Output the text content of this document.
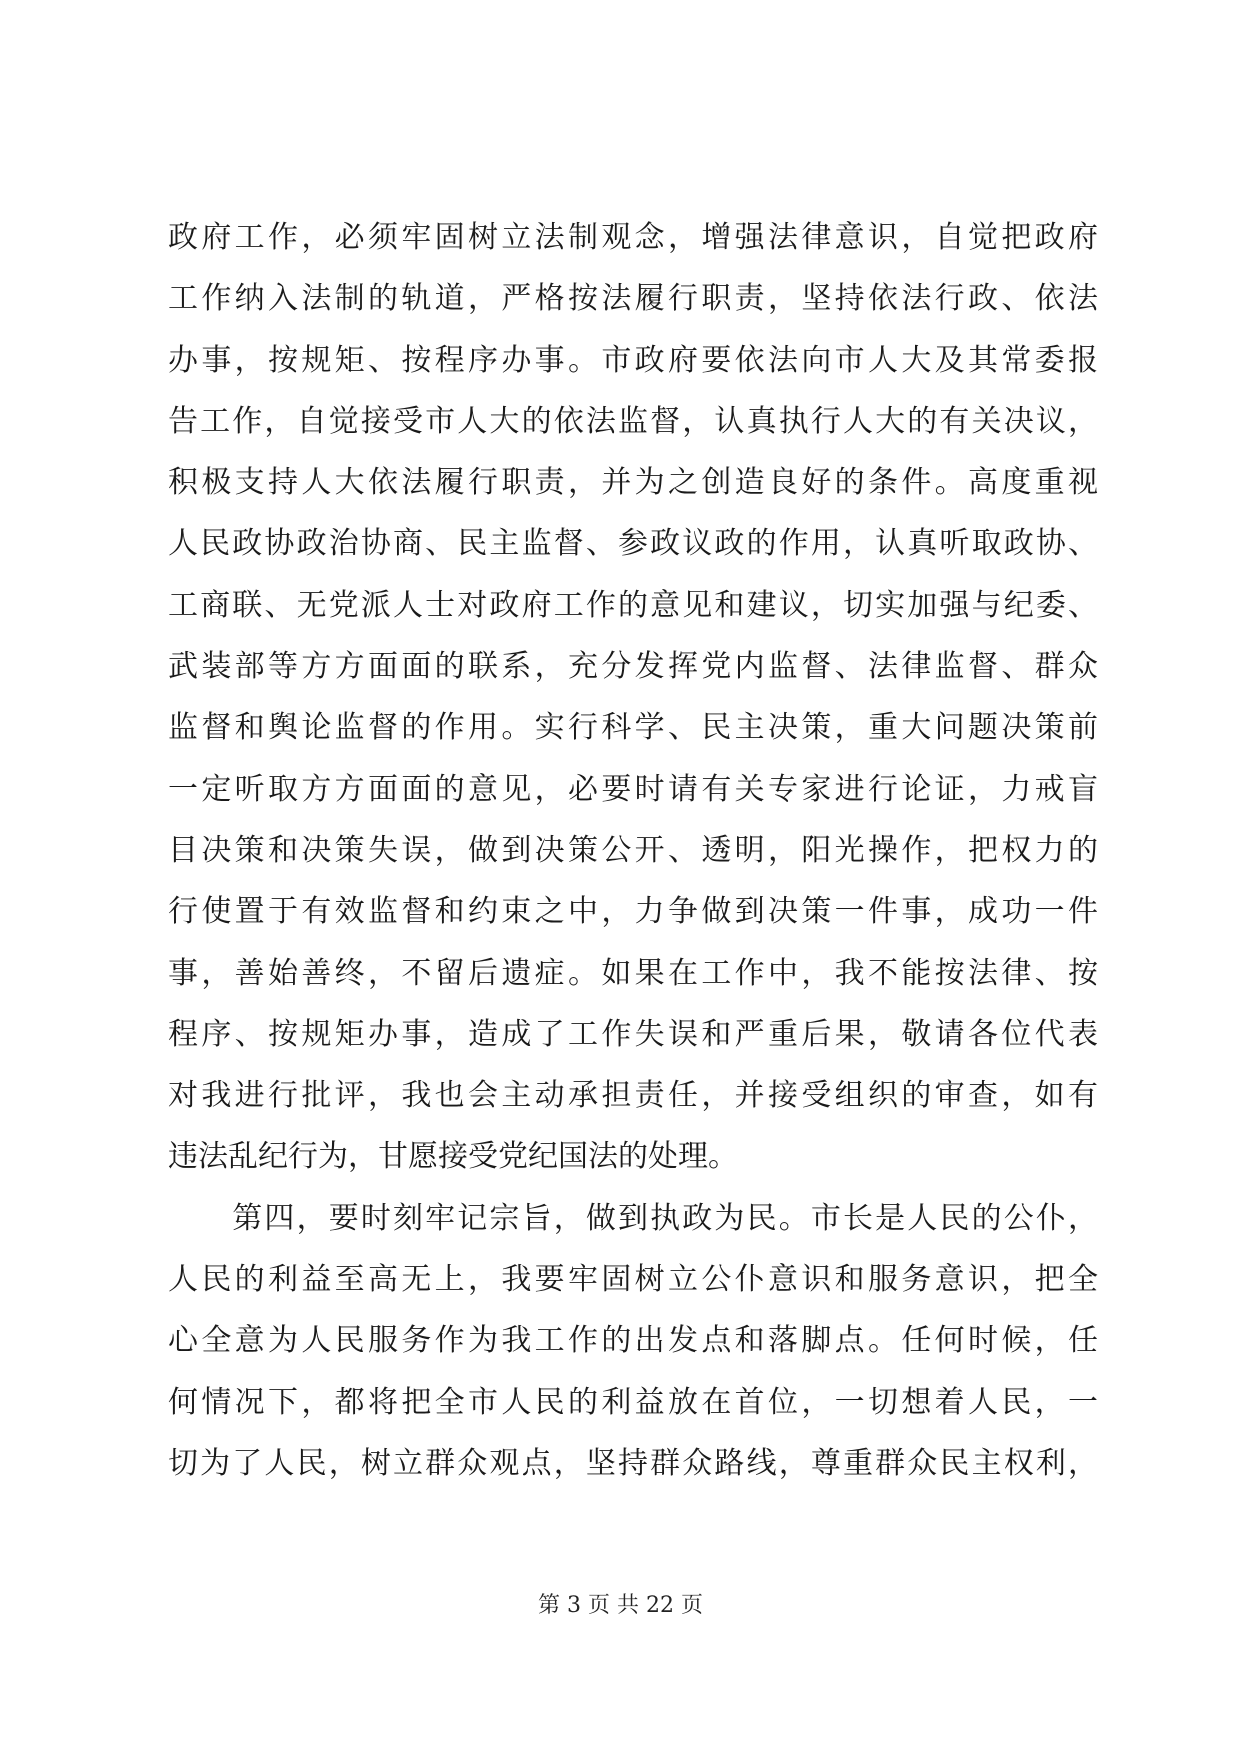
政府工作，必须牢固树立法制观念，增强法律意识，自觉把政府
工作纳入法制的轨道，严格按法履行职责，坚持依法行政、依法
办事，按规矩、按程序办事。市政府要依法向市人大及其常委报
告工作，自觉接受市人大的依法监督，认真执行人大的有关决议，
积极支持人大依法履行职责，并为之创造良好的条件。高度重视
人民政协政治协商、民主监督、参政议政的作用，认真听取政协、
工商联、无党派人士对政府工作的意见和建议，切实加强与纪委、
武装部等方方面面的联系，充分发挥党内监督、法律监督、群众
监督和舆论监督的作用。实行科学、民主决策，重大问题决策前
一定听取方方面面的意见，必要时请有关专家进行论证，力戒盲
目决策和决策失误，做到决策公开、透明，阳光操作，把权力的
行使置于有效监督和约束之中，力争做到决策一件事，成功一件
事，善始善终，不留后遗症。如果在工作中，我不能按法律、按
程序、按规矩办事，造成了工作失误和严重后果，敬请各位代表
对我进行批评，我也会主动承担责任，并接受组织的审查，如有
违法乱纪行为，甘愿接受党纪国法的处理。
　　第四，要时刻牢记宗旨，做到执政为民。市长是人民的公仆，
人民的利益至高无上，我要牢固树立公仆意识和服务意识，把全
心全意为人民服务作为我工作的出发点和落脚点。任何时候，任
何情况下，都将把全市人民的利益放在首位，一切想着人民，一
切为了人民，树立群众观点，坚持群众路线，尊重群众民主权利，
第 3 页 共 22 页
